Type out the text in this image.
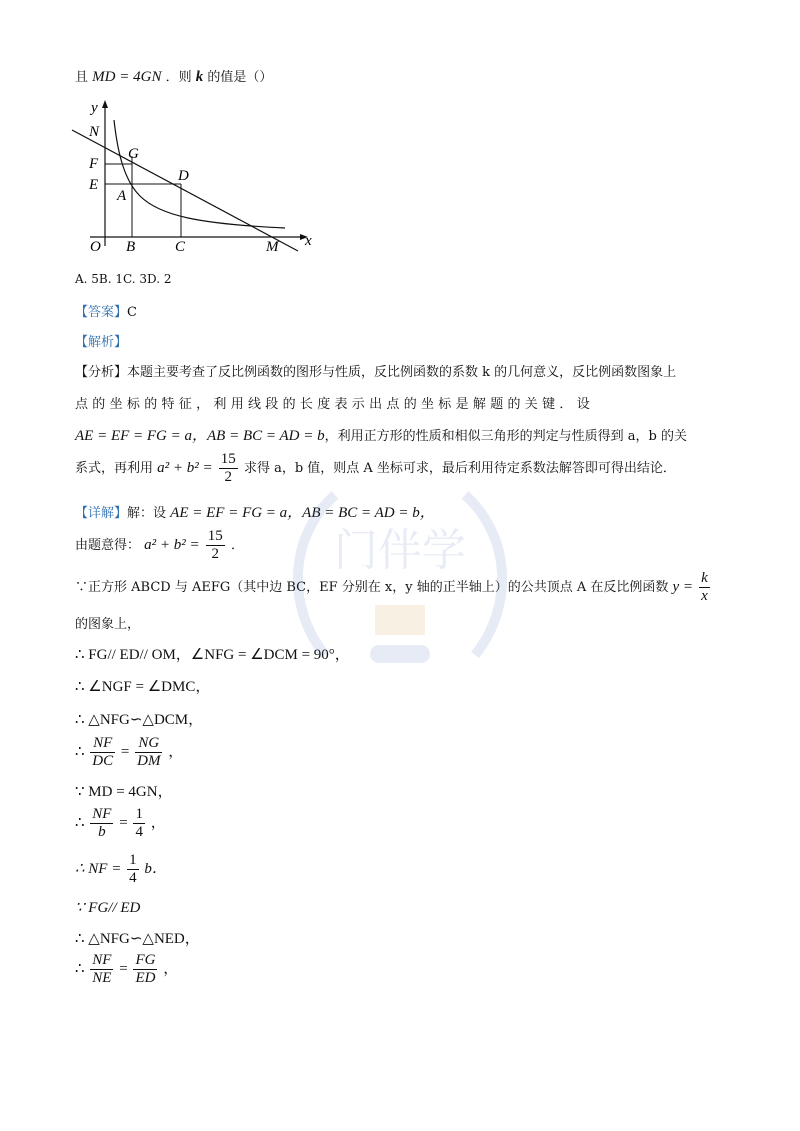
且 MD = 4GN ．则 k 的值是（）
y
N
F
E
G
D
A
O B	C	M x
A. 5B. 1C. 3D. 2
【答案】C
【解析】
【分析】本题主要考查了反比例函数的图形与性质，反比例函数的系数 k 的几何意义，反比例函数图象上
点的坐标的特征，利用线段的长度表示出点的坐标是解题的关键．设
AE = EF = FG = a，AB = BC = AD = b，利用正方形的性质和相似三角形的判定与性质得到 a，b 的关
系式，再利用 $a^2 + b^2 = \frac{15}{2}$ 求得 a，b 值，则点 A 坐标可求，最后利用待定系数法解答即可得出结论．
【详解】解：设 AE = EF = FG = a，AB = BC = AD = b，
由题意得： $a^2 + b^2 = \frac{15}{2}$ ．
∵正方形 ABCD 与 AEFG（其中边 BC，EF 分别在 x，y 轴的正半轴上）的公共顶点 A 在反比例函数 $y = \frac{k}{x}$
的图象上，
∴ FG// ED// OM，∠NFG = ∠DCM = 90°，
∴ ∠NGF = ∠DMC，
∴ △NFG∽△DCM，
∴ $\frac{NF}{DC} = \frac{NG}{DM}$ ，
∵ MD = 4GN，
∴ $\frac{NF}{b} = \frac{1}{4}$ ，
∴ NF = $\frac{1}{4}$ b．
∵ FG// ED
∴ △NFG∽△NED，
∴ $\frac{NF}{NE} = \frac{FG}{ED}$ ，
门伴学
